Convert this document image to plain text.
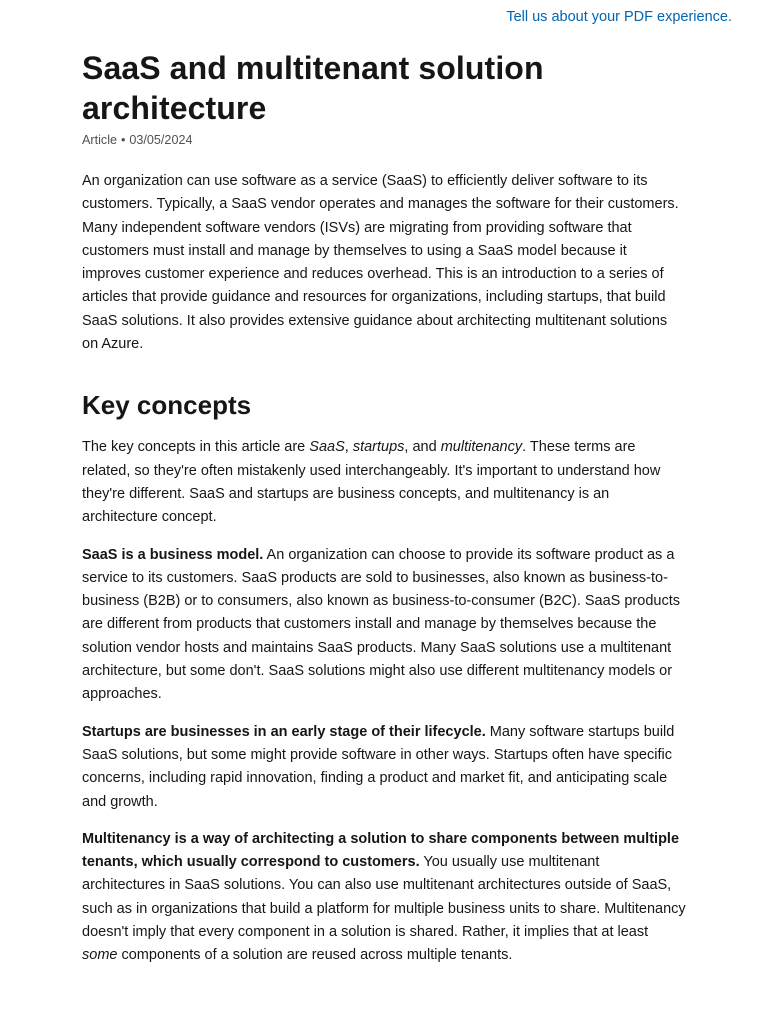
Tell us about your PDF experience.
SaaS and multitenant solution architecture
Article • 03/05/2024

An organization can use software as a service (SaaS) to efficiently deliver software to its customers. Typically, a SaaS vendor operates and manages the software for their customers. Many independent software vendors (ISVs) are migrating from providing software that customers must install and manage by themselves to using a SaaS model because it improves customer experience and reduces overhead. This is an introduction to a series of articles that provide guidance and resources for organizations, including startups, that build SaaS solutions. It also provides extensive guidance about architecting multitenant solutions on Azure.

Key concepts

The key concepts in this article are SaaS, startups, and multitenancy. These terms are related, so they're often mistakenly used interchangeably. It's important to understand how they're different. SaaS and startups are business concepts, and multitenancy is an architecture concept.

SaaS is a business model. An organization can choose to provide its software product as a service to its customers. SaaS products are sold to businesses, also known as business-to-business (B2B) or to consumers, also known as business-to-consumer (B2C). SaaS products are different from products that customers install and manage by themselves because the solution vendor hosts and maintains SaaS products. Many SaaS solutions use a multitenant architecture, but some don't. SaaS solutions might also use different multitenancy models or approaches.

Startups are businesses in an early stage of their lifecycle. Many software startups build SaaS solutions, but some might provide software in other ways. Startups often have specific concerns, including rapid innovation, finding a product and market fit, and anticipating scale and growth.

Multitenancy is a way of architecting a solution to share components between multiple tenants, which usually correspond to customers. You usually use multitenant architectures in SaaS solutions. You can also use multitenant architectures outside of SaaS, such as in organizations that build a platform for multiple business units to share. Multitenancy doesn't imply that every component in a solution is shared. Rather, it implies that at least some components of a solution are reused across multiple tenants.
